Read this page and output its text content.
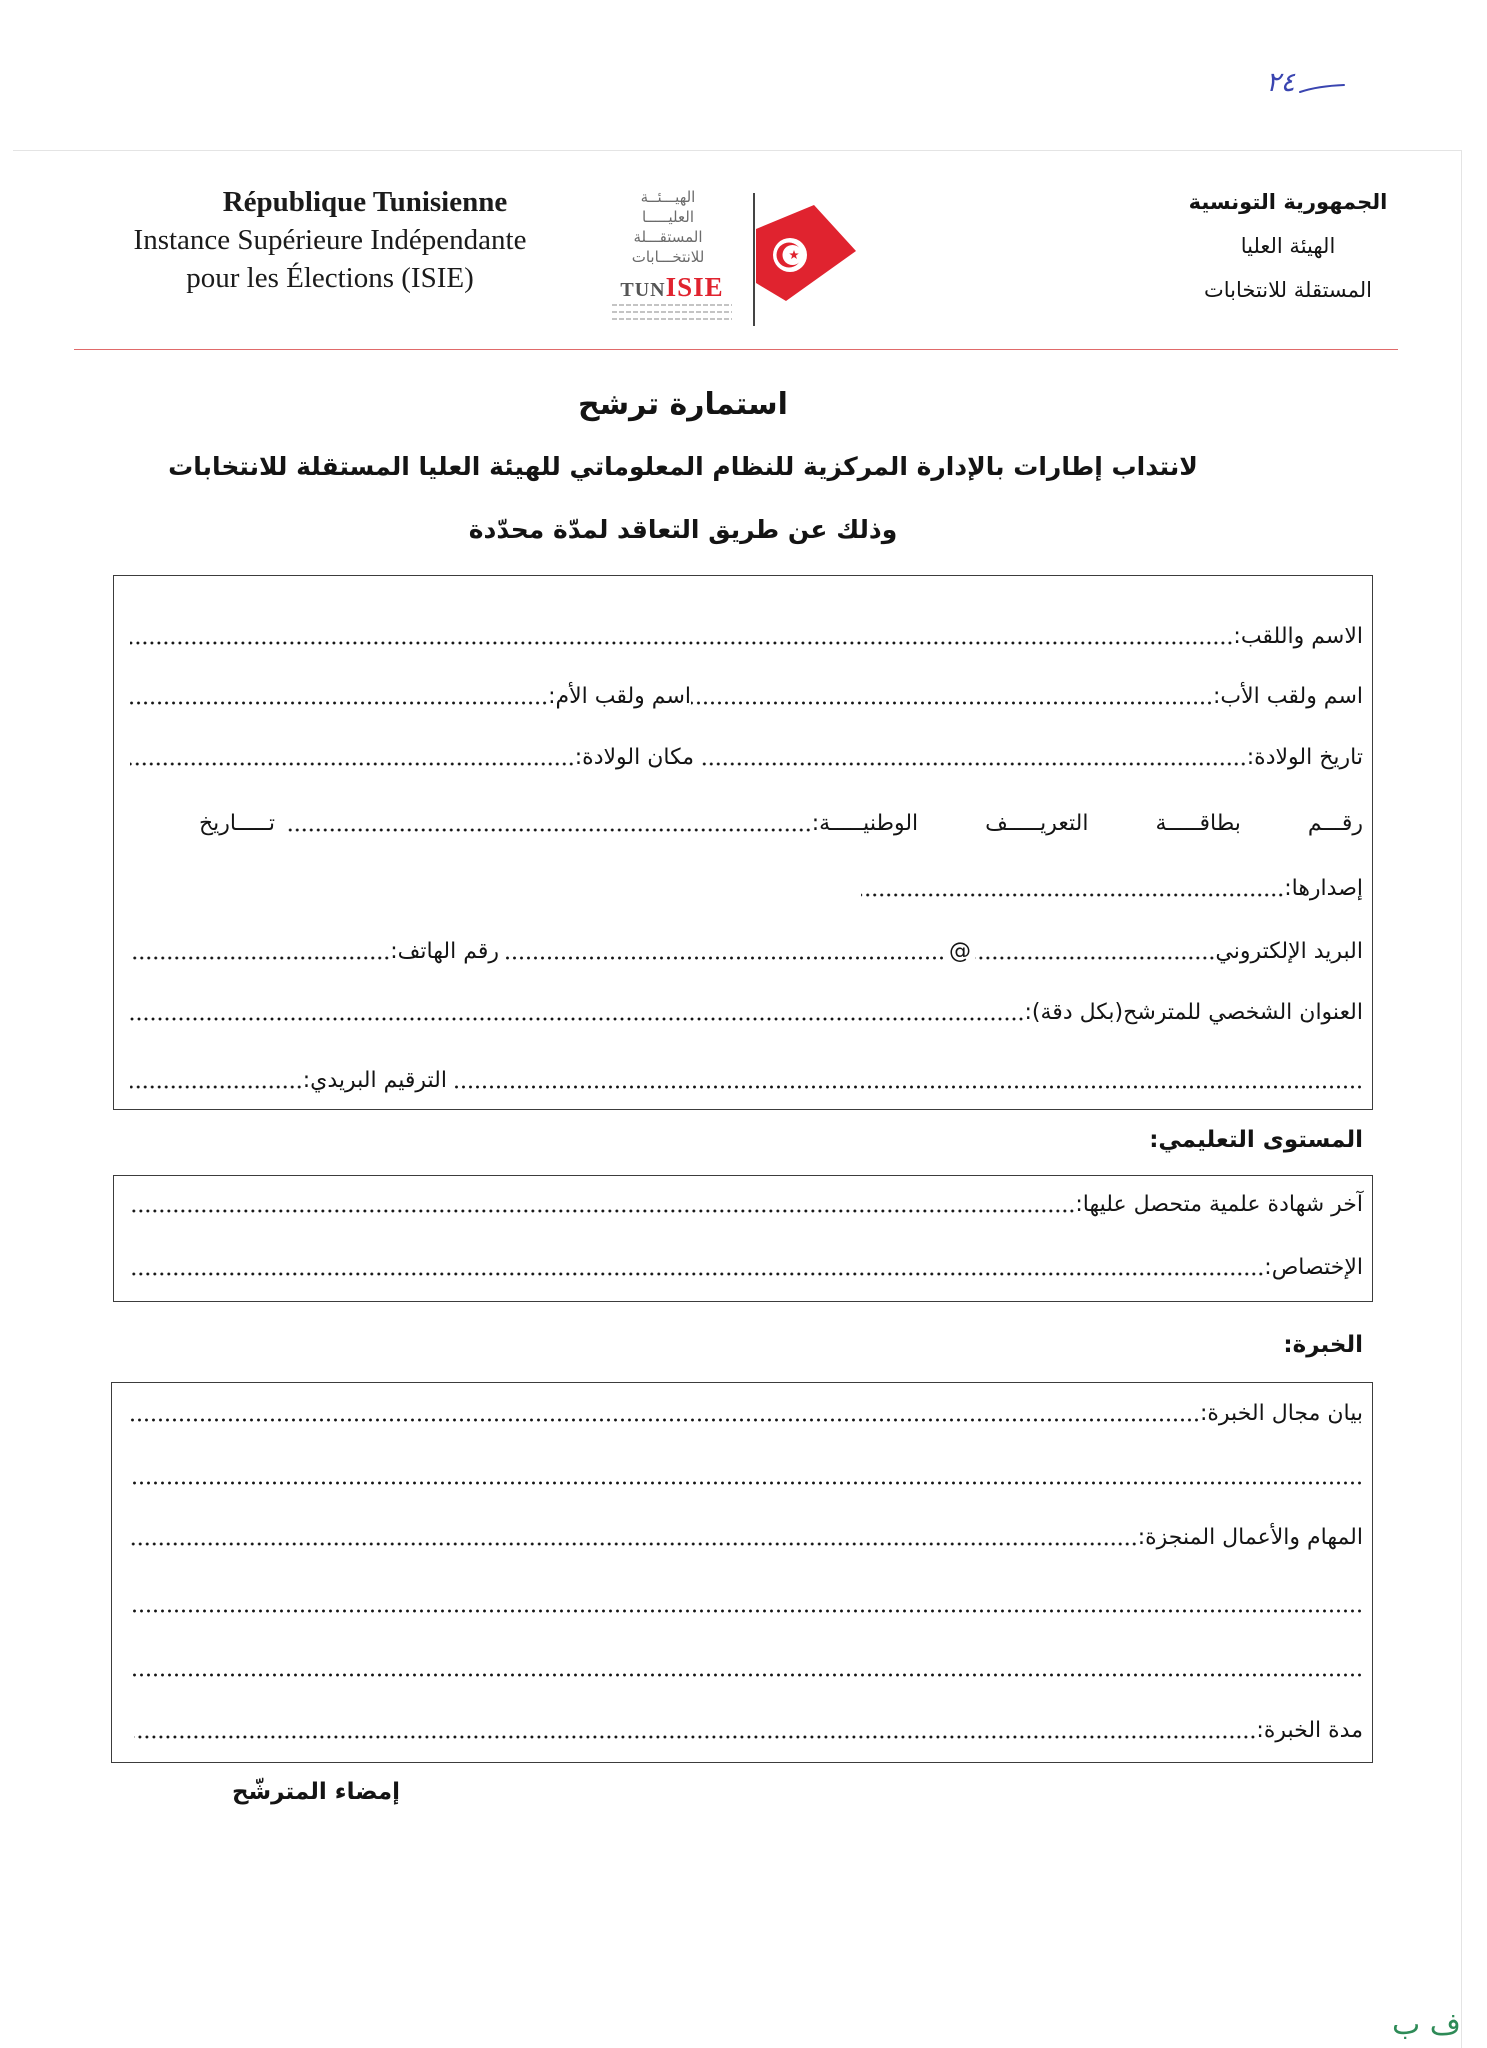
٢٤
République Tunisienne
Instance Supérieure Indépendante
pour les Élections (ISIE)
الهيـــئــة
العليـــــا
المستقـــلة
للانتخـــابات
TUNISIE
الجمهورية التونسية
الهيئة العليا
المستقلة للانتخابات
استمارة ترشح
لانتداب إطارات بالإدارة المركزية للنظام المعلوماتي للهيئة العليا المستقلة للانتخابات
وذلك عن طريق التعاقد لمدّة محدّدة
الاسم واللقب:
اسم ولقب الأب:
اسم ولقب الأم:
تاريخ الولادة:
مكان الولادة:
رقـــم بطاقـــــة التعريـــــف الوطنيـــــة:
تـــــاريخ
إصدارها:
البريد الإلكتروني
@
رقم الهاتف:
العنوان الشخصي للمترشح(بكل دقة):
الترقيم البريدي:
المستوى التعليمي:
آخر شهادة علمية متحصل عليها:
الإختصاص:
الخبرة:
بيان مجال الخبرة:
المهام والأعمال المنجزة:
مدة الخبرة:
إمضاء المترشّح
ف ب
